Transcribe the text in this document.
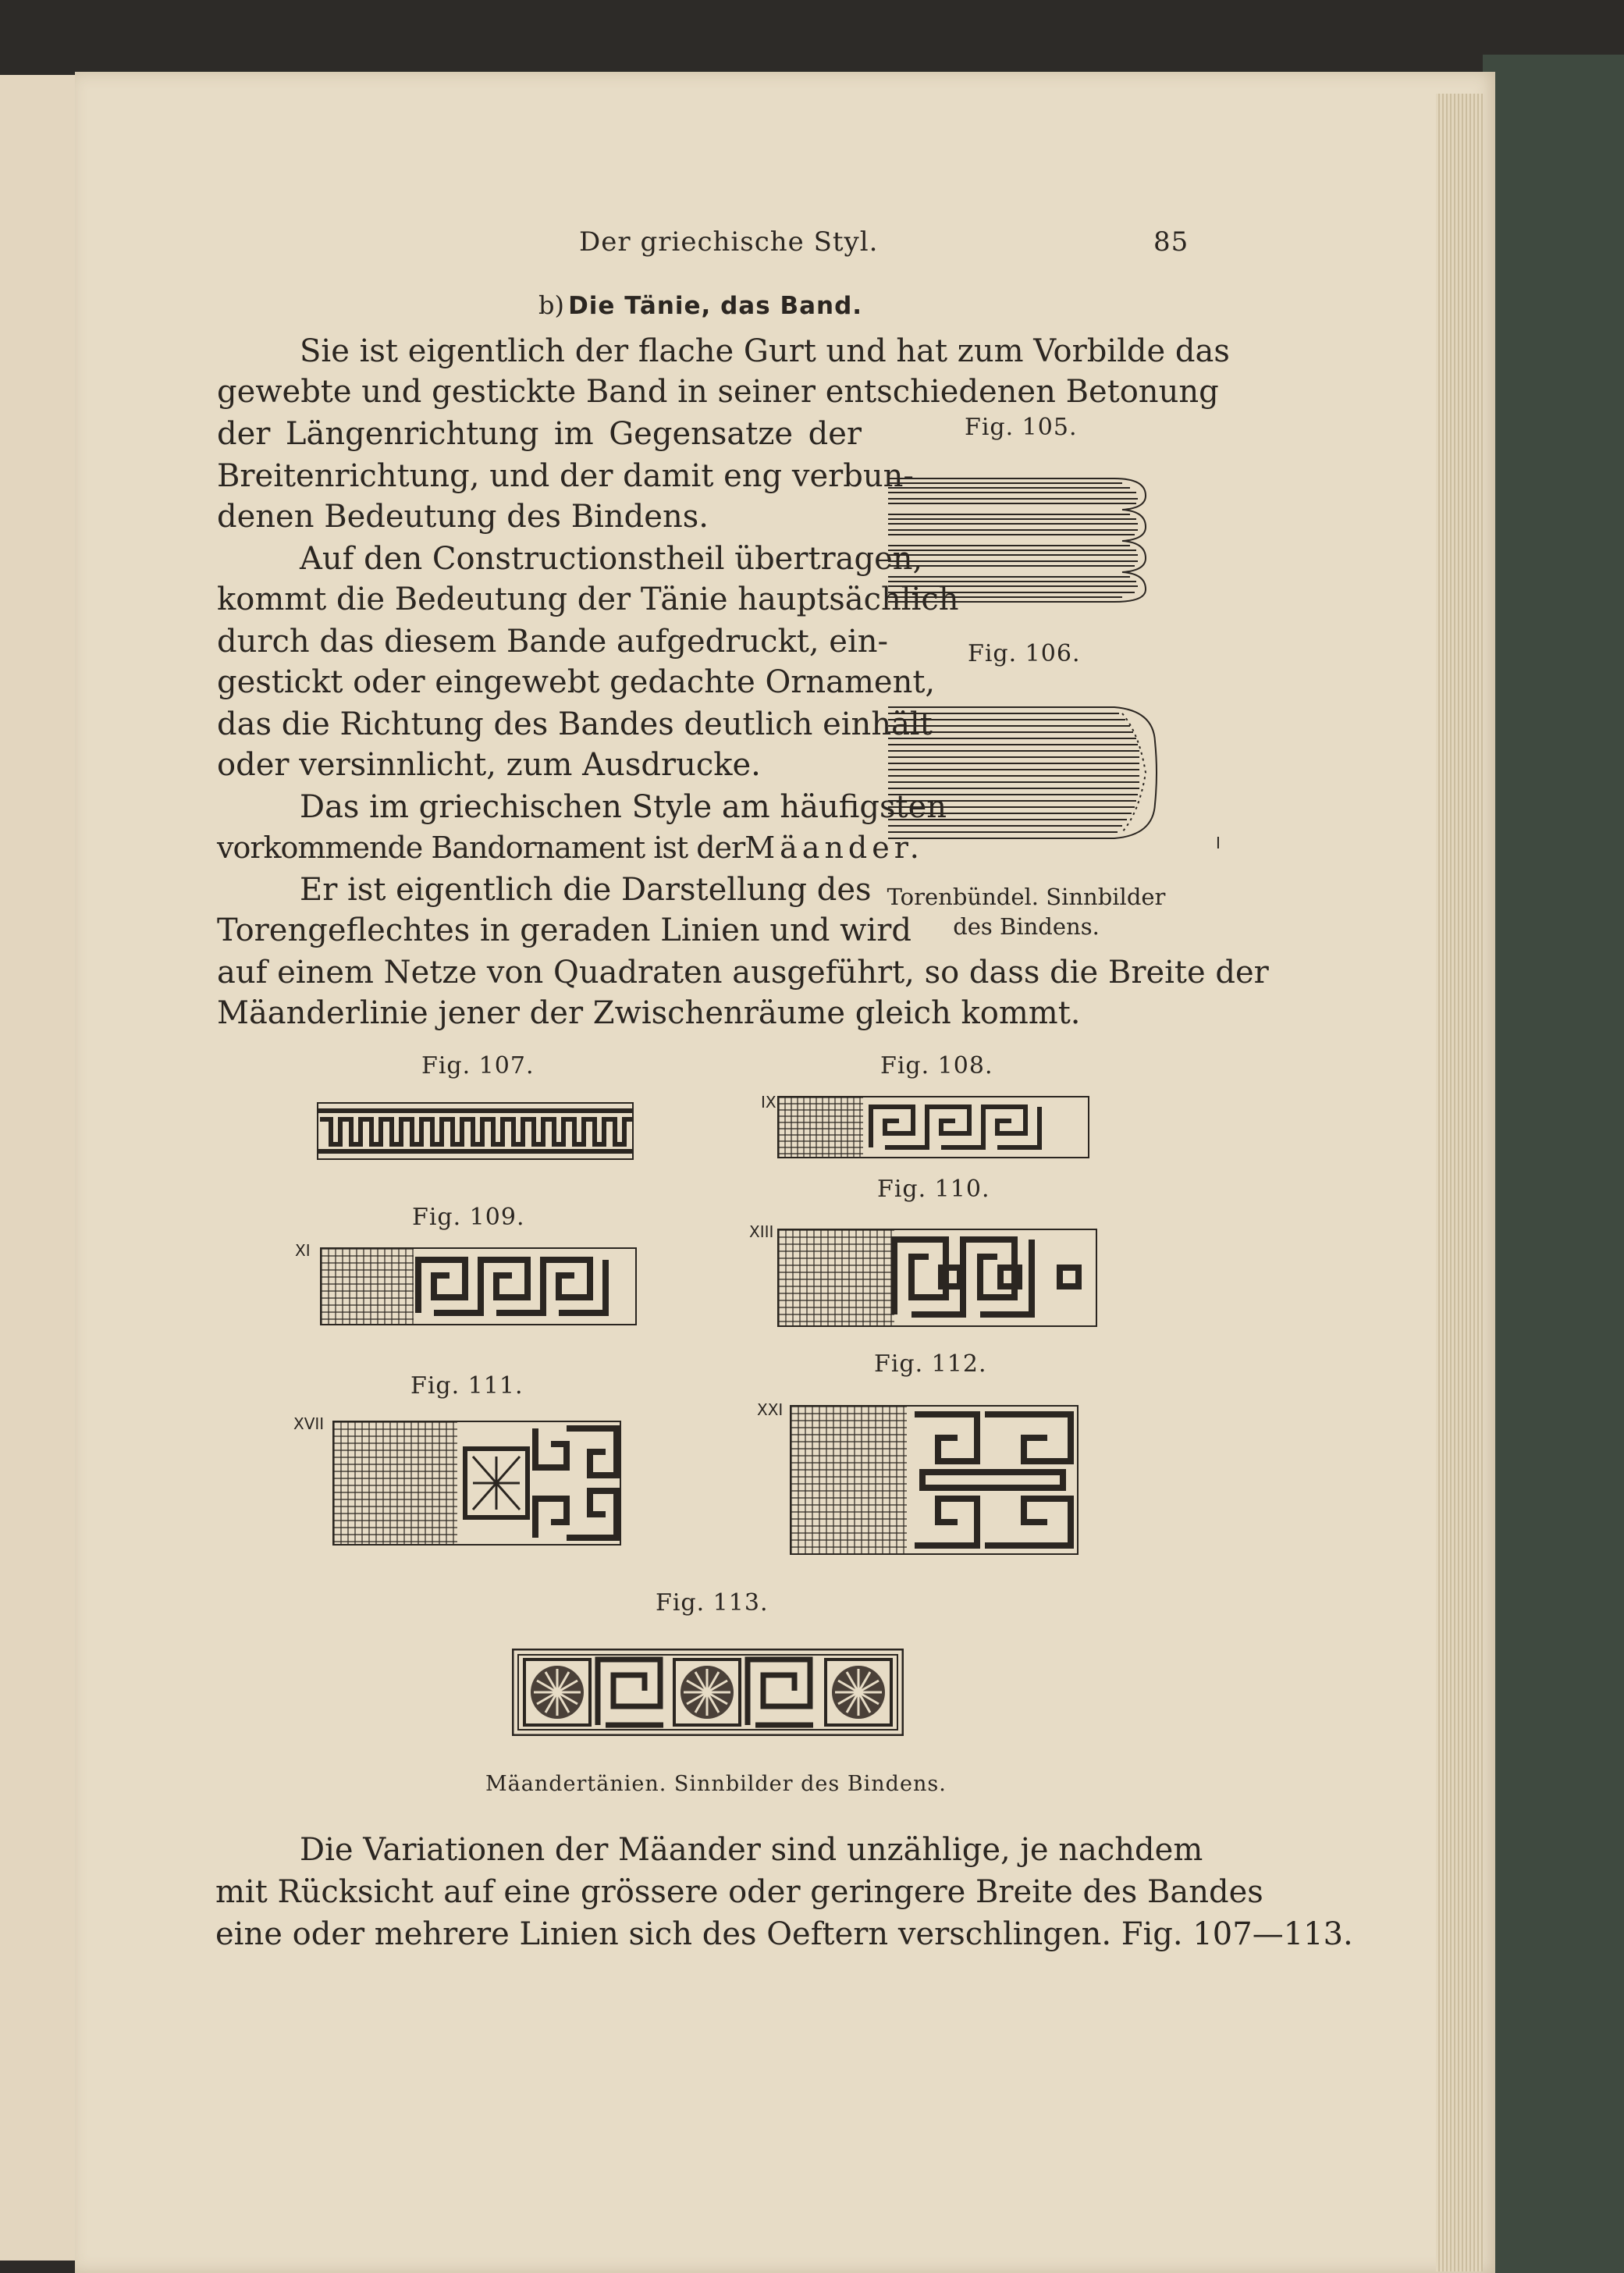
Der griechische Styl.	85
b) Die Tänie, das Band.
Sie ist eigentlich der flache Gurt und hat zum Vorbilde das
gewebte und gestickte Band in seiner entschiedenen Betonung
der Längenrichtung im Gegensatze der
Breitenrichtung, und der damit eng verbun-
denen Bedeutung des Bindens.
Auf den Constructionstheil übertragen,
kommt die Bedeutung der Tänie hauptsächlich
durch das diesem Bande aufgedruckt, ein-
gestickt oder eingewebt gedachte Ornament,
das die Richtung des Bandes deutlich einhält
oder versinnlicht, zum Ausdrucke.
Das im griechischen Style am häufigsten
vorkommende Bandornament ist derMäander.
Er ist eigentlich die Darstellung des
Torengeflechtes in geraden Linien und wird
auf einem Netze von Quadraten ausgeführt, so dass die Breite der
Mäanderlinie jener der Zwischenräume gleich kommt.
Fig. 105.
Fig. 106.
I
Torenbündel. Sinnbilder
des Bindens.
Fig. 107.	Fig. 108.
IX
Fig. 109.
XI
Fig. 110.
XIII
Fig. 111.
XVII
Fig. 112.
XXI
Fig. 113.
Mäandertänien. Sinnbilder des Bindens.
Die Variationen der Mäander sind unzählige, je nachdem
mit Rücksicht auf eine grössere oder geringere Breite des Bandes
eine oder mehrere Linien sich des Oeftern verschlingen. Fig. 107—113.
